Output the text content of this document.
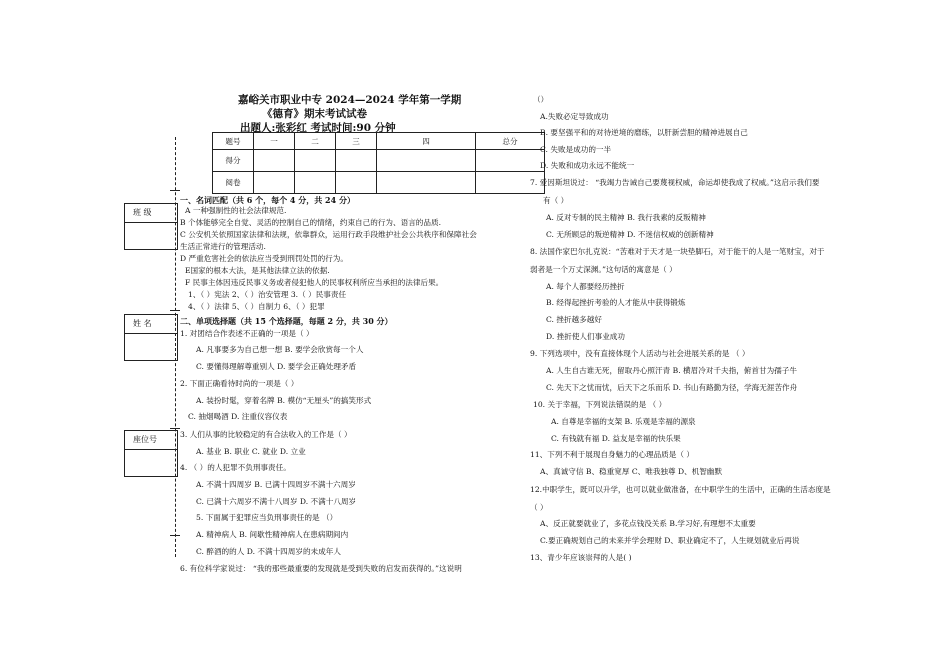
嘉峪关市职业中专 2024—2024 学年第一学期
《德育》期末考试试卷
出题人:张彩红 考试时间:90 分钟
题号	一	二	三	四	总分
得分					
阅卷					
班 级
姓 名
座位号
一、名词匹配（共 6 个，每个 4 分，共 24 分）
A 一种强制性的社会法律规范.
B 个体能够完全自觉、灵活的控制自己的情绪，约束自己的行为、语言的品质.
C 公安机关依照国家法律和法规，依靠群众，运用行政手段维护社会公共秩序和保障社会
生活正常进行的管理活动.
D 严重危害社会的依法应当受到刑罚处罚的行为。
E国家的根本大法，是其他法律立法的依据.
F 民事主体因违反民事义务或者侵犯他人的民事权利所应当承担的法律后果。
1、（ ）宪法 2、（ ）治安管理 3.（ ）民事责任
4、（ ）法律 5、（ ）自制力 6、（ ）犯罪
二、单项选择题（共 15 个选择题，每题 2 分，共 30 分）
1. 对团结合作表述不正确的一项是（ ）
A. 凡事要多为自己想一想 B. 要学会欣赏每一个人
C. 要懂得理解尊重别人 D. 要学会正确处理矛盾
2. 下面正确看待时尚的一项是（ ）
A. 装扮时髦，穿着名牌 B. 模仿“无厘头”的搞笑形式
C. 抽烟喝酒 D. 注重仪容仪表
3. 人们从事的比较稳定的有合法收入的工作是（ ）
A. 基业 B. 职业 C. 就业 D. 立业
4. （ ）的人犯罪不负刑事责任。
A. 不满十四周岁 B. 已满十四周岁不满十六周岁
C. 已满十六周岁不满十八周岁 D. 不满十八周岁
5. 下面属于犯罪应当负刑事责任的是 （）
A. 精神病人 B. 间歇性精神病人在患病期间内
C. 醉酒的的人 D. 不满十四周岁的未成年人
6. 有位科学家说过： “我的那些最重要的发现就是受到失败的启发而获得的。”这说明
（）
A.失败必定导致成功
B. 要坚强平和的对待逆境的磨练，以肝新尝胆的精神进展自己
C. 失败是成功的一半
D. 失败和成功永远不能统一
7. 爱因斯坦说过： “我竭力告诫自己要蔑视权威，命运却使我成了权威。”这启示我们要
有（ ）
A. 反对专制的民主精神 B. 我行我素的反叛精神
C. 无所顾忌的叛逆精神 D. 不迷信权威的创新精神
8. 法国作家巴尔扎克说：“苦难对于天才是一块垫脚石，对于能干的人是一笔财宝，对于
弱者是一个万丈深渊。”这句话的寓意是（ ）
A. 每个人都要经历挫折
B. 经得起挫折考验的人才能从中获得锻炼
C. 挫折越多越好
D. 挫折使人们事业成功
9. 下列选项中，没有直接体现个人活动与社会进展关系的是 （ ）
A. 人生自古谁无死，留取丹心照汗青 B. 横眉冷对千夫指，俯首甘为孺子牛
C. 先天下之忧而忧，后天下之乐而乐 D. 书山有路勤为径，学海无涯苦作舟
10. 关于幸福，下列说法错误的是 （ ）
A. 自尊是幸福的支架 B. 乐观是幸福的源泉
C. 有钱就有福 D. 益友是幸福的快乐果
11、下列不利于展现自身魅力的心理品质是（ ）
A、真诚守信 B、稳重宽厚 C、唯我独尊 D、机智幽默
12.中职学生，既可以升学，也可以就业做准备，在中职学生的生活中，正确的生活态度是
（ ）
A、反正就要就业了，多花点钱没关系 B.学习好,有理想不太重要
C.要正确规划自己的未来并学会理财 D、职业确定不了，人生规划就业后再说
13、青少年应该崇拜的人是( )
